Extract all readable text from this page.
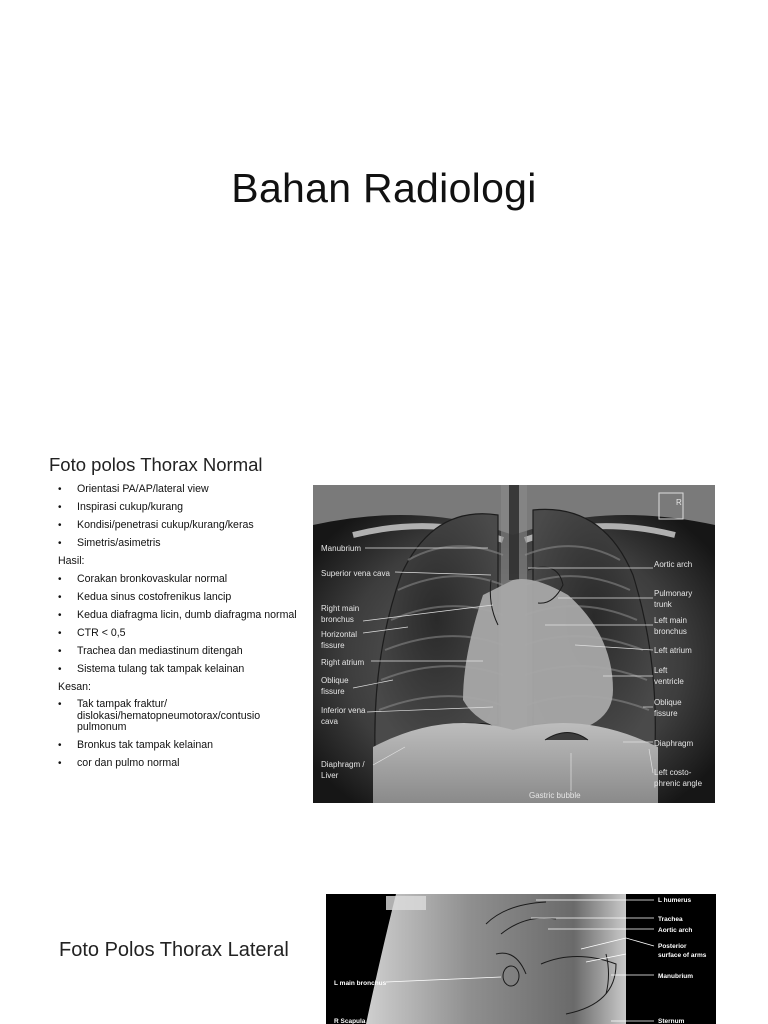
Bahan Radiologi
Foto polos Thorax Normal
• Orientasi PA/AP/lateral view
• Inspirasi cukup/kurang
• Kondisi/penetrasi cukup/kurang/keras
• Simetris/asimetris
Hasil:
• Corakan bronkovaskular normal
• Kedua sinus costofrenikus lancip
• Kedua diafragma licin, dumb diafragma normal
• CTR < 0,5
• Trachea dan mediastinum ditengah
• Sistema tulang tak tampak kelainan
Kesan:
• Tak tampak fraktur/ dislokasi/hematopneumotorax/contusio pulmonum
• Bronkus tak tampak kelainan
• cor dan pulmo normal
R
Manubrium
Superior vena cava
Right main
bronchus
Horizontal
fissure
Right atrium
Oblique
fissure
Inferior vena
cava
Diaphragm /
Liver
Gastric bubble
Aortic arch
Pulmonary
trunk
Left main
bronchus
Left atrium
Left
ventricle
Oblique
fissure
Diaphragm
Left costo-
phrenic angle
Foto Polos Thorax Lateral
L humerus
Trachea
Aortic arch
Posterior
surface of arms
Manubrium
L main bronchus
R Scapula	Sternum
